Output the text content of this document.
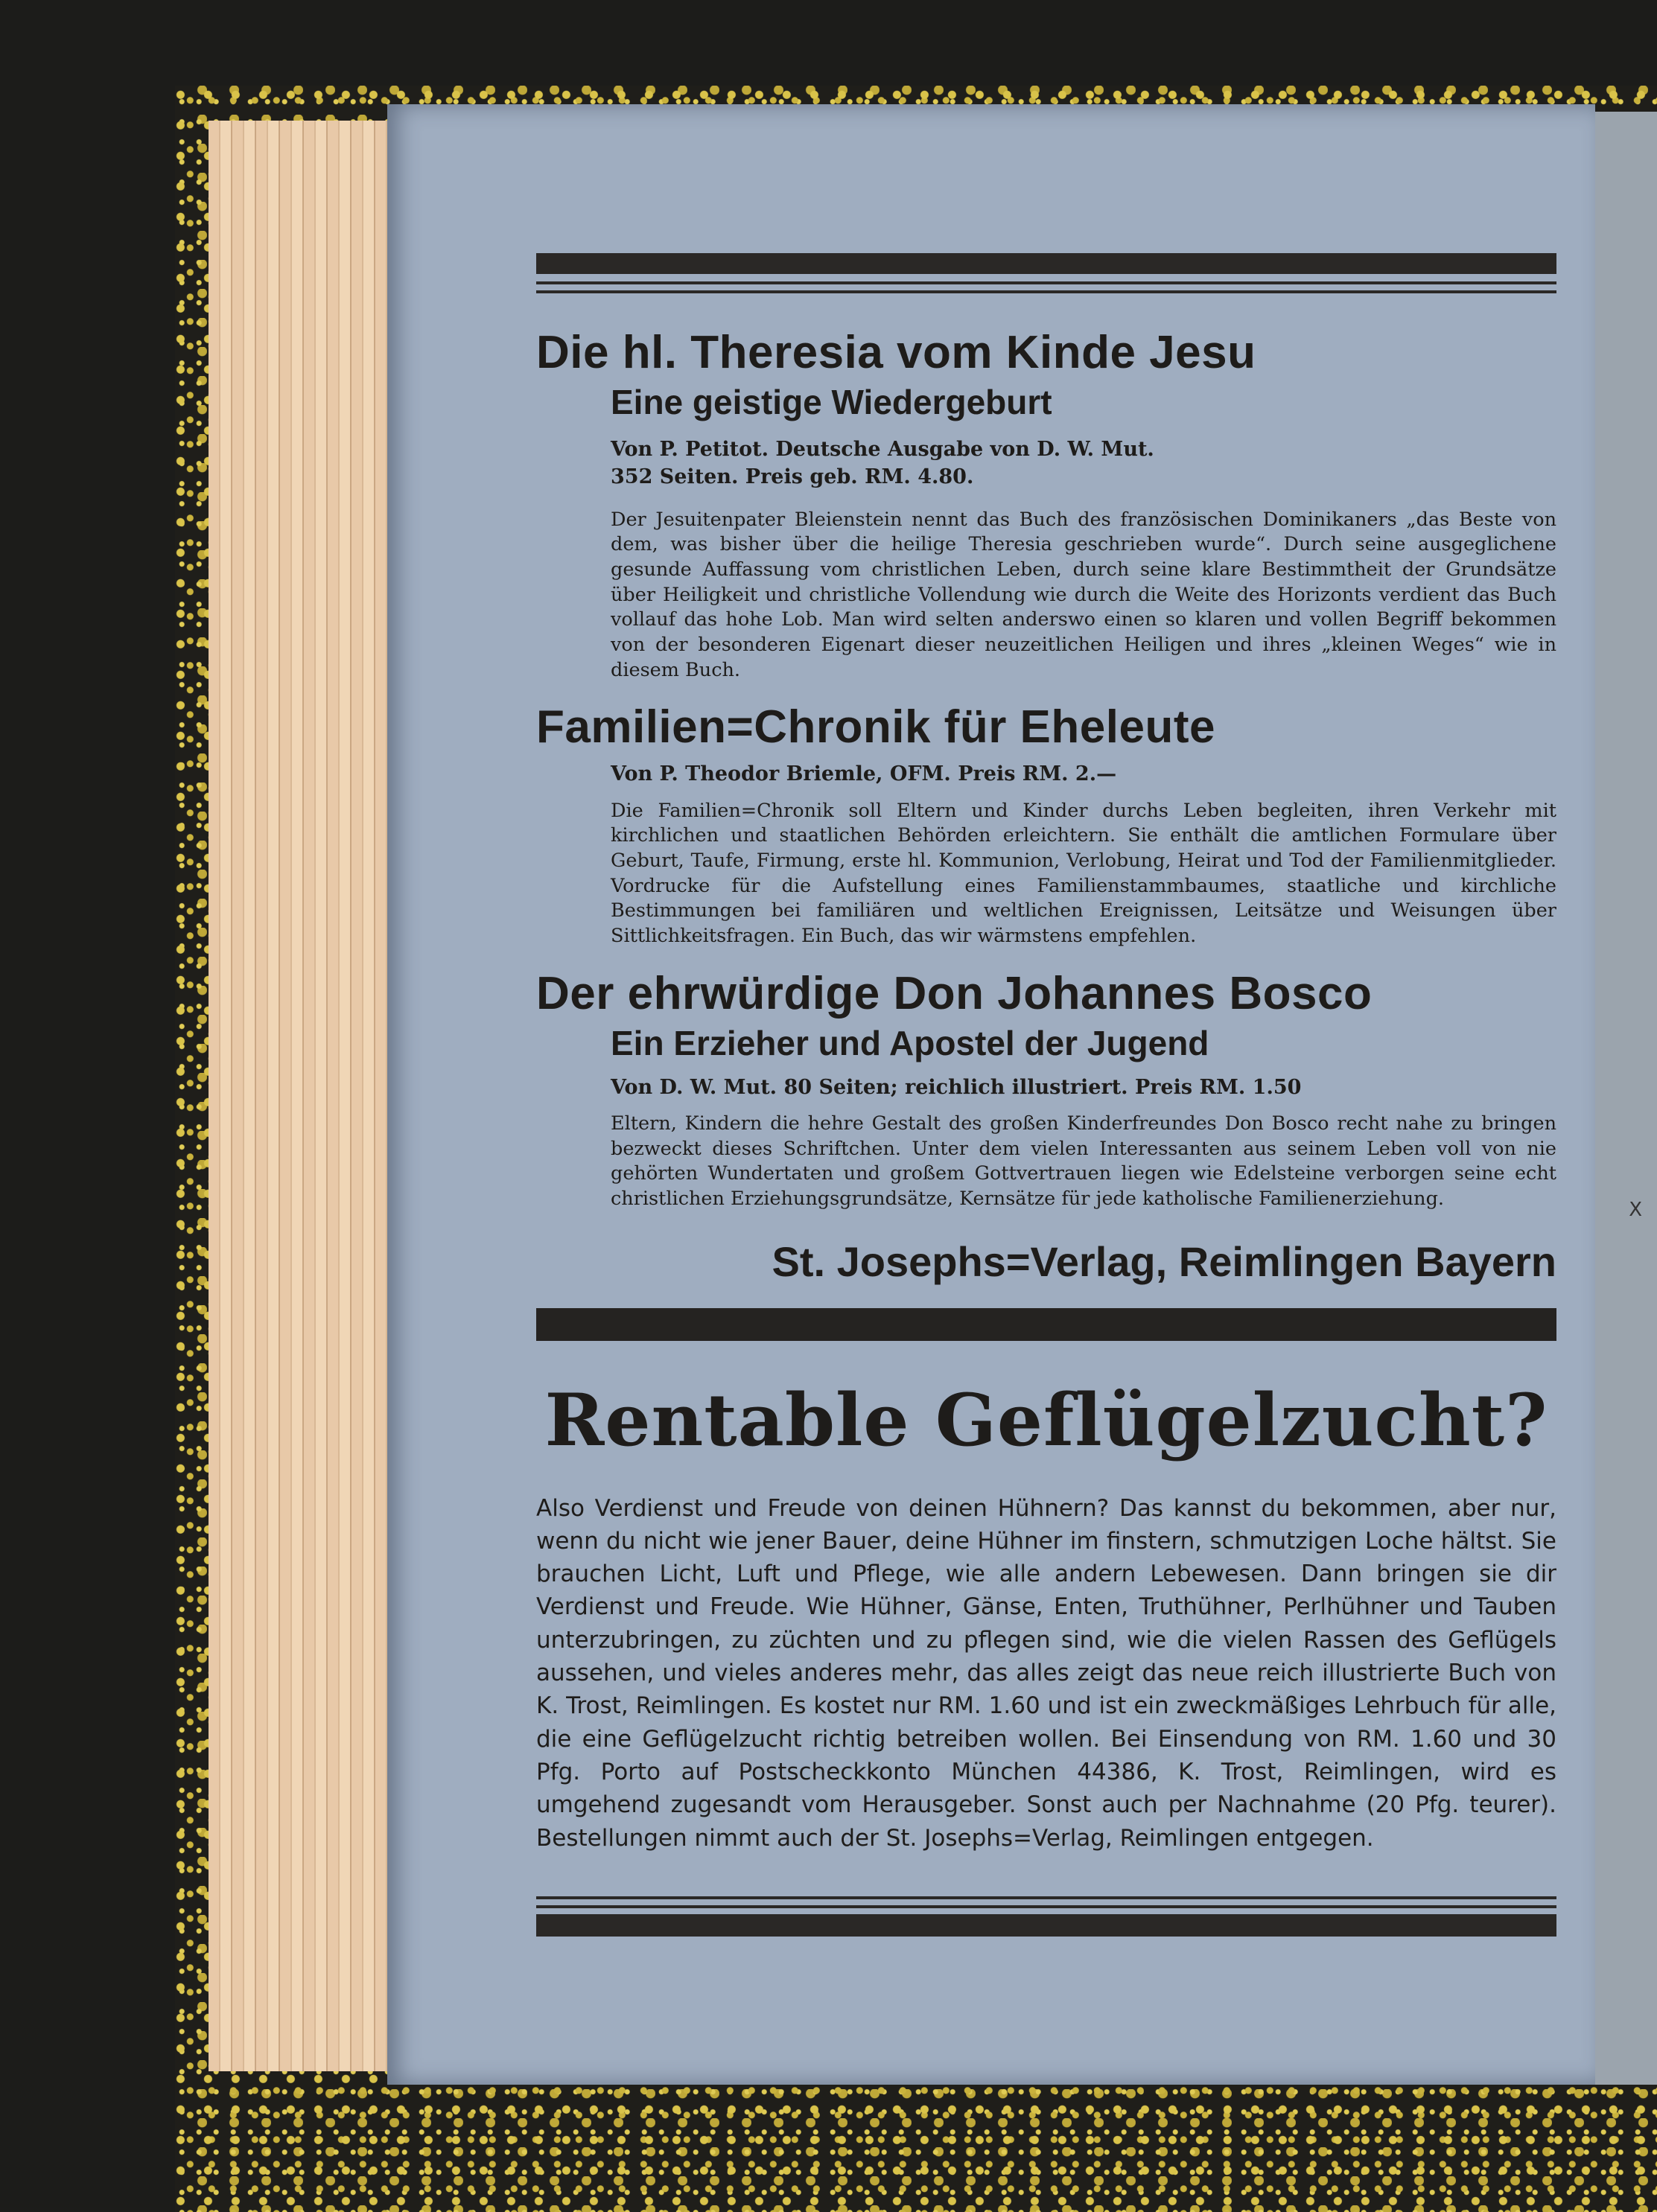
X
Die hl. Theresia vom Kinde Jesu
Eine geistige Wiedergeburt
Von P. Petitot. Deutsche Ausgabe von D. W. Mut.
352 Seiten. Preis geb. RM. 4.80.
Der Jesuitenpater Bleienstein nennt das Buch des französischen Dominikaners „das Beste von dem, was bisher über die heilige Theresia geschrieben wurde“. Durch seine ausgeglichene gesunde Auffassung vom christlichen Leben, durch seine klare Bestimmtheit der Grundsätze über Heiligkeit und christliche Vollendung wie durch die Weite des Horizonts verdient das Buch vollauf das hohe Lob. Man wird selten anderswo einen so klaren und vollen Begriff bekommen von der besonderen Eigenart dieser neuzeitlichen Heiligen und ihres „kleinen Weges“ wie in diesem Buch.
Familien=Chronik für Eheleute
Von P. Theodor Briemle, OFM. Preis RM. 2.—
Die Familien=Chronik soll Eltern und Kinder durchs Leben begleiten, ihren Verkehr mit kirchlichen und staatlichen Behörden erleichtern. Sie enthält die amtlichen Formulare über Geburt, Taufe, Firmung, erste hl. Kommunion, Verlobung, Heirat und Tod der Familienmitglieder. Vordrucke für die Aufstellung eines Familienstammbaumes, staatliche und kirchliche Bestimmungen bei familiären und weltlichen Ereignissen, Leitsätze und Weisungen über Sittlichkeitsfragen. Ein Buch, das wir wärmstens empfehlen.
Der ehrwürdige Don Johannes Bosco
Ein Erzieher und Apostel der Jugend
Von D. W. Mut. 80 Seiten; reichlich illustriert. Preis RM. 1.50
Eltern, Kindern die hehre Gestalt des großen Kinderfreundes Don Bosco recht nahe zu bringen bezweckt dieses Schriftchen. Unter dem vielen Interessanten aus seinem Leben voll von nie gehörten Wundertaten und großem Gottvertrauen liegen wie Edelsteine verborgen seine echt christlichen Erziehungsgrundsätze, Kernsätze für jede katholische Familienerziehung.
St. Josephs=Verlag, Reimlingen Bayern
Rentable Geflügelzucht?
Also Verdienst und Freude von deinen Hühnern? Das kannst du bekommen, aber nur, wenn du nicht wie jener Bauer, deine Hühner im finstern, schmutzigen Loche hältst. Sie brauchen Licht, Luft und Pflege, wie alle andern Lebewesen. Dann bringen sie dir Verdienst und Freude. Wie Hühner, Gänse, Enten, Truthühner, Perlhühner und Tauben unterzubringen, zu züchten und zu pflegen sind, wie die vielen Rassen des Geflügels aussehen, und vieles anderes mehr, das alles zeigt das neue reich illustrierte Buch von K. Trost, Reimlingen. Es kostet nur RM. 1.60 und ist ein zweckmäßiges Lehrbuch für alle, die eine Geflügelzucht richtig betreiben wollen. Bei Einsendung von RM. 1.60 und 30 Pfg. Porto auf Postscheckkonto München 44386, K. Trost, Reimlingen, wird es umgehend zugesandt vom Herausgeber. Sonst auch per Nachnahme (20 Pfg. teurer). Bestellungen nimmt auch der St. Josephs=Verlag, Reimlingen entgegen.
